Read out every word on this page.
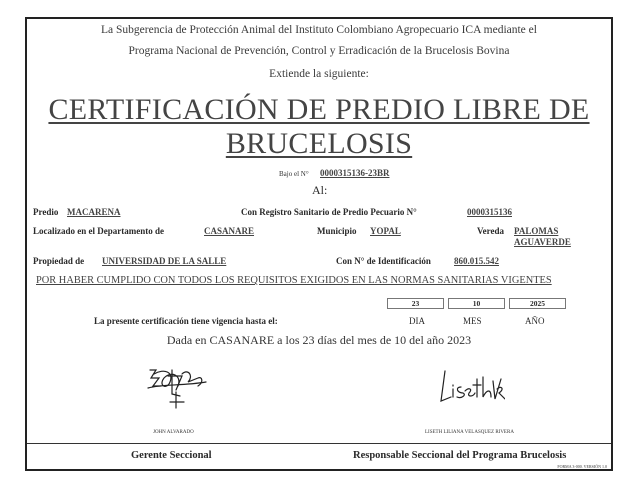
La Subgerencia de Protección Animal del Instituto Colombiano Agropecuario ICA mediante el
Programa Nacional de Prevención, Control y Erradicación de la Brucelosis Bovina
Extiende la siguiente:
CERTIFICACIÓN DE PREDIO LIBRE DE
BRUCELOSIS
Bajo el N° 0000315136-23BR
Al:
Predio MACARENA	Con Registro Sanitario de Predio Pecuario N°	0000315136
Localizado en el Departamento de	CASANARE	Municipio YOPAL	Vereda PALOMAS
AGUAVERDE
Propiedad de UNIVERSIDAD DE LA SALLE	Con N° de Identificación	860.015.542
POR HABER CUMPLIDO CON TODOS LOS REQUISITOS EXIGIDOS EN LAS NORMAS SANITARIAS VIGENTES
23	10	2025
La presente certificación tiene vigencia hasta el:	DIA	MES	AÑO
Dada en CASANARE a los 23 días del mes de 10 del año 2023
JOHN ALVARADO	LISETH LILIANA VELASQUEZ RIVERA
Gerente Seccional	Responsable Seccional del Programa Brucelosis
FORMA 3-000. VERSIÓN 1.0
